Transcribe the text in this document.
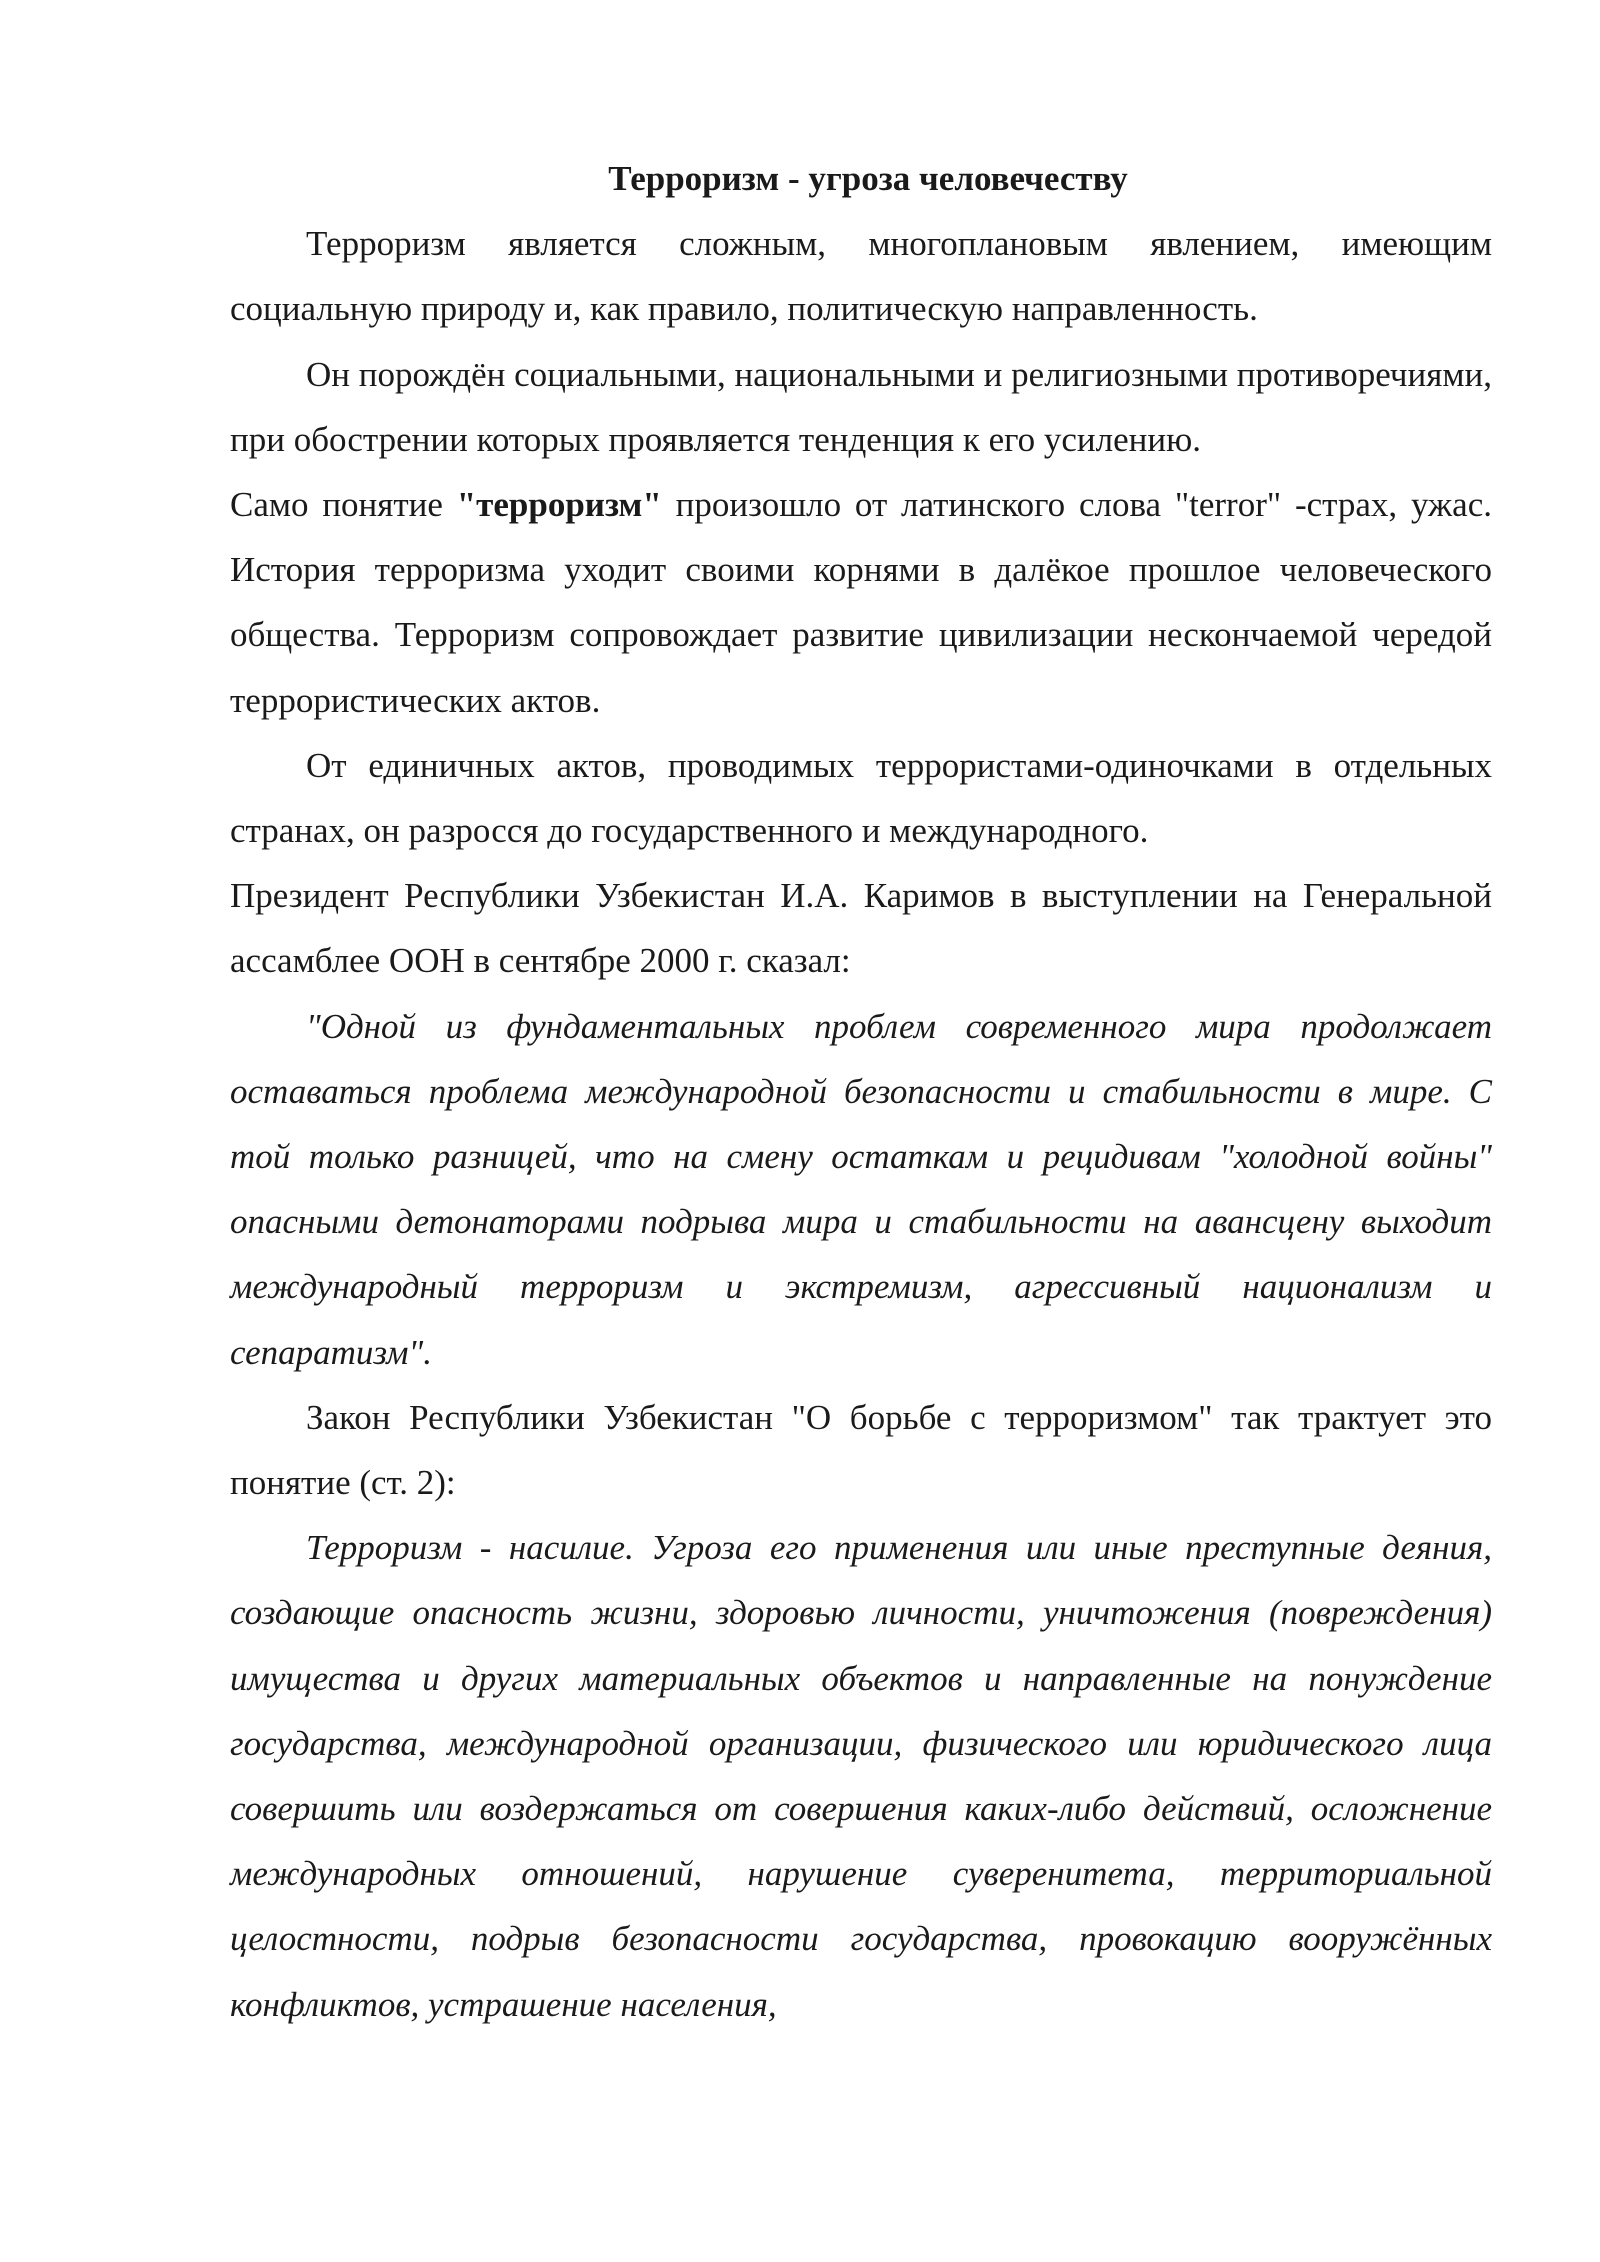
Терроризм - угроза человечеству

Терроризм является сложным, многоплановым явлением, имеющим социальную природу и, как правило, политическую направленность.

Он порождён социальными, национальными и религиозными противоречиями, при обострении которых проявляется тенденция к его усилению.

Само понятие "терроризм" произошло от латинского слова "terror" -страх, ужас. История терроризма уходит своими корнями в далёкое прошлое человеческого общества. Терроризм сопровождает развитие цивилизации нескончаемой чередой террористических актов.

От единичных актов, проводимых террористами-одиночками в отдельных странах, он разросся до государственного и международного.

Президент Республики Узбекистан И.А. Каримов в выступлении на Генеральной ассамблее ООН в сентябре 2000 г. сказал:

"Одной из фундаментальных проблем современного мира продолжает оставаться проблема международной безопасности и стабильности в мире. С той только разницей, что на смену остаткам и рецидивам "холодной войны" опасными детонаторами подрыва мира и стабильности на авансцену выходит международный терроризм и экстремизм, агрессивный национализм и сепаратизм".

Закон Республики Узбекистан "О борьбе с терроризмом" так трактует это понятие (ст. 2):

Терроризм - насилие. Угроза его применения или иные преступные деяния, создающие опасность жизни, здоровью личности, уничтожения (повреждения) имущества и других материальных объектов и направленные на понуждение государства, международной организации, физического или юридического лица совершить или воздержаться от совершения каких-либо действий, осложнение международных отношений, нарушение суверенитета, территориальной целостности, подрыв безопасности государства, провокацию вооружённых конфликтов, устрашение населения,
